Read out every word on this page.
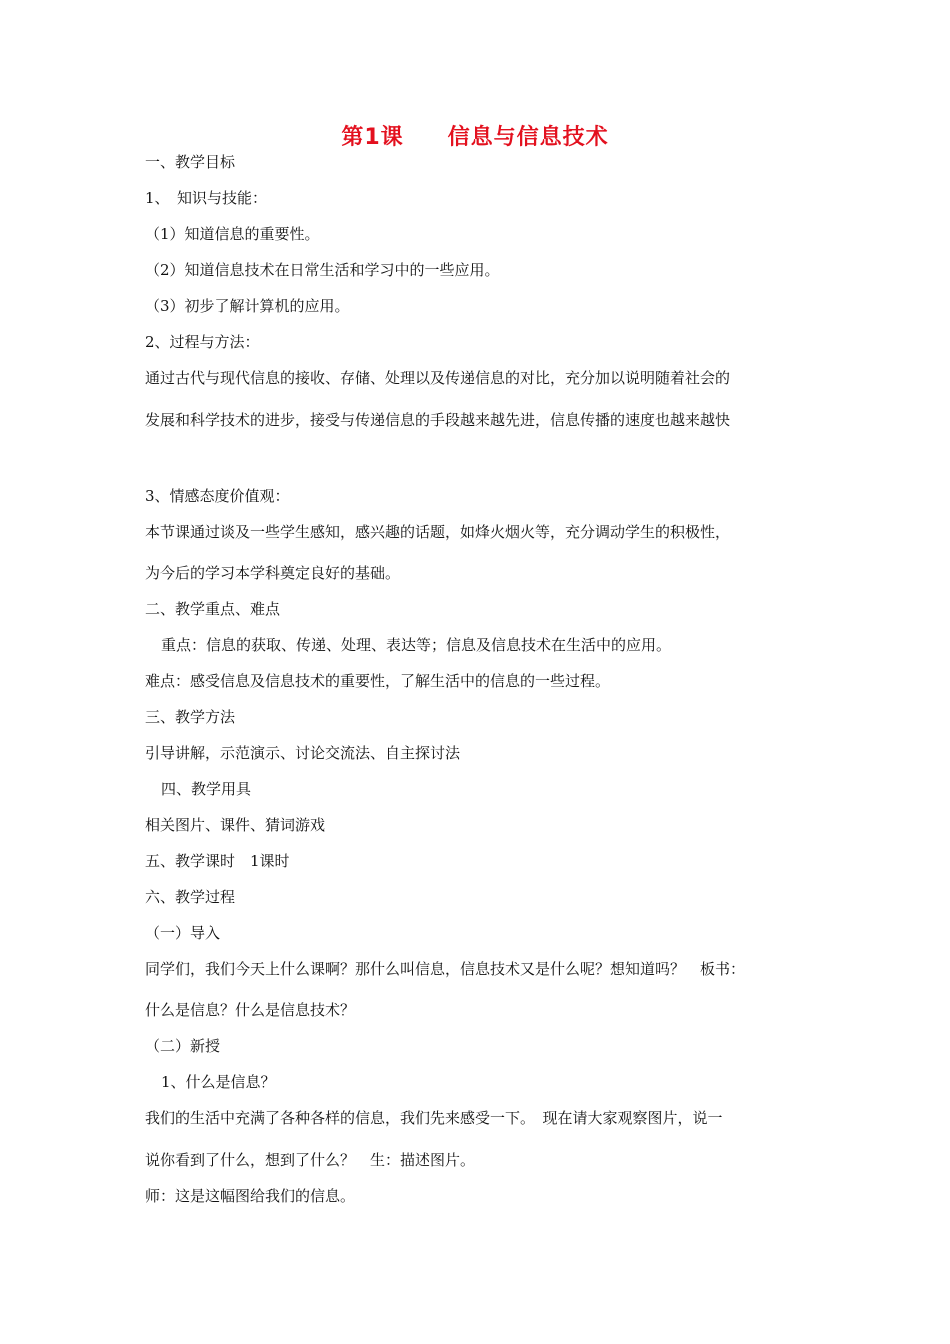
第1课 信息与信息技术
一、教学目标
1、　知识与技能：
（1）知道信息的重要性。
（2）知道信息技术在日常生活和学习中的一些应用。
（3）初步了解计算机的应用。
2、过程与方法：
通过古代与现代信息的接收、存储、处理以及传递信息的对比，充分加以说明随着社会的
发展和科学技术的进步，接受与传递信息的手段越来越先进，信息传播的速度也越来越快
3、情感态度价值观：
本节课通过谈及一些学生感知，感兴趣的话题，如烽火烟火等，充分调动学生的积极性，
为今后的学习本学科奠定良好的基础。
二、教学重点、难点
重点：信息的获取、传递、处理、表达等；信息及信息技术在生活中的应用。
难点：感受信息及信息技术的重要性，了解生活中的信息的一些过程。
三、教学方法
引导讲解，示范演示、讨论交流法、自主探讨法
四、教学用具
相关图片、课件、猜词游戏
五、教学课时　1课时
六、教学过程
（一）导入
同学们，我们今天上什么课啊？那什么叫信息，信息技术又是什么呢？想知道吗？　板书：
什么是信息？什么是信息技术？
（二）新授
1、什么是信息？
我们的生活中充满了各种各样的信息，我们先来感受一下。　现在请大家观察图片，说一
说你看到了什么，想到了什么？　生：描述图片。
师：这是这幅图给我们的信息。
